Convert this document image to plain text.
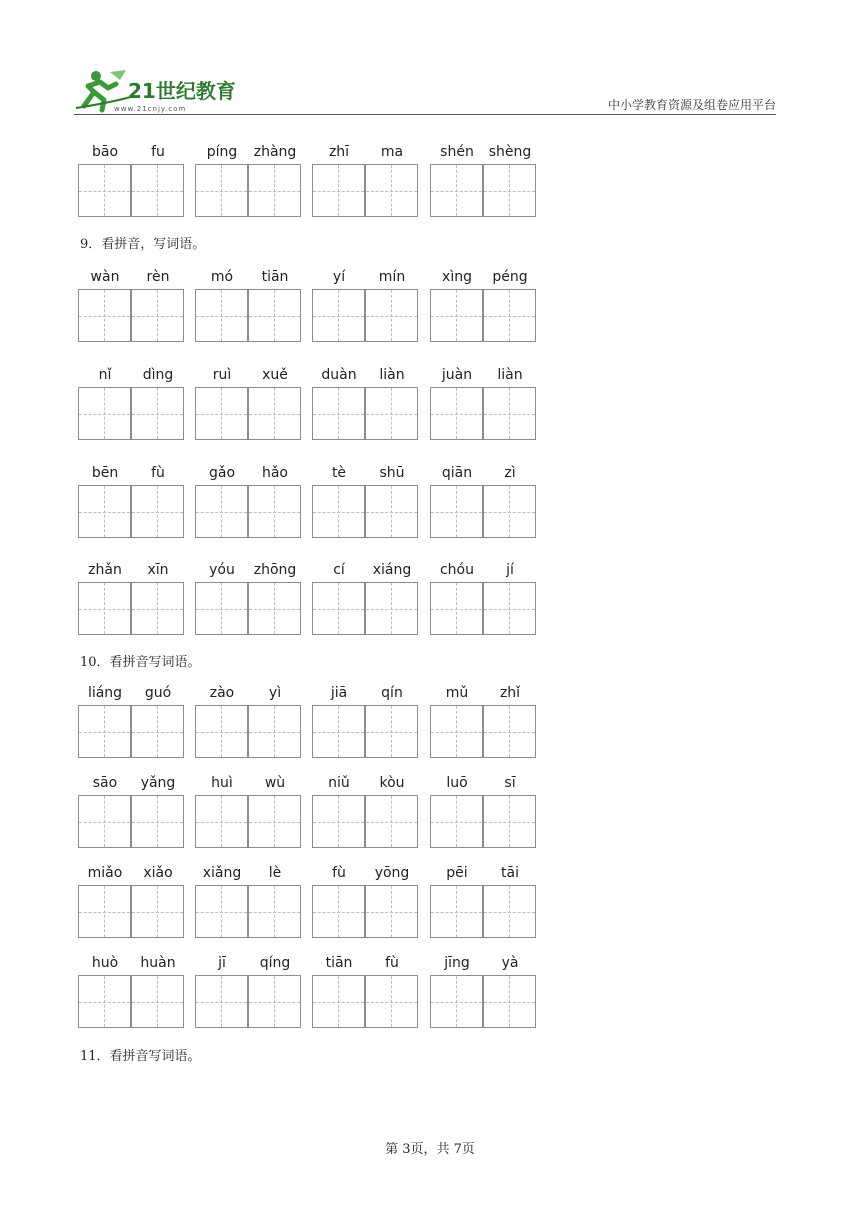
21世纪教育
www.21cnjy.com	中小学教育资源及组卷应用平台
bāo	fu	píng	zhàng	zhī	ma	shén	shèng
9．看拼音，写词语。
wàn	rèn	mó	tiān	yí	mín	xìng	péng
nǐ	dìng	ruì	xuě	duàn	liàn	juàn	liàn
bēn	fù	gǎo	hǎo	tè	shū	qiān	zì
zhǎn	xīn	yóu	zhōng	cí	xiáng	chóu	jí
10．看拼音写词语。
liáng	guó	zào	yì	jiā	qín	mǔ	zhǐ
sāo	yǎng	huì	wù	niǔ	kòu	luō	sī
miǎo	xiǎo	xiǎng	lè	fù	yōng	pēi	tāi
huò	huàn	jī	qíng	tiān	fù	jīng	yà
11．看拼音写词语。
第 3页，共 7页
